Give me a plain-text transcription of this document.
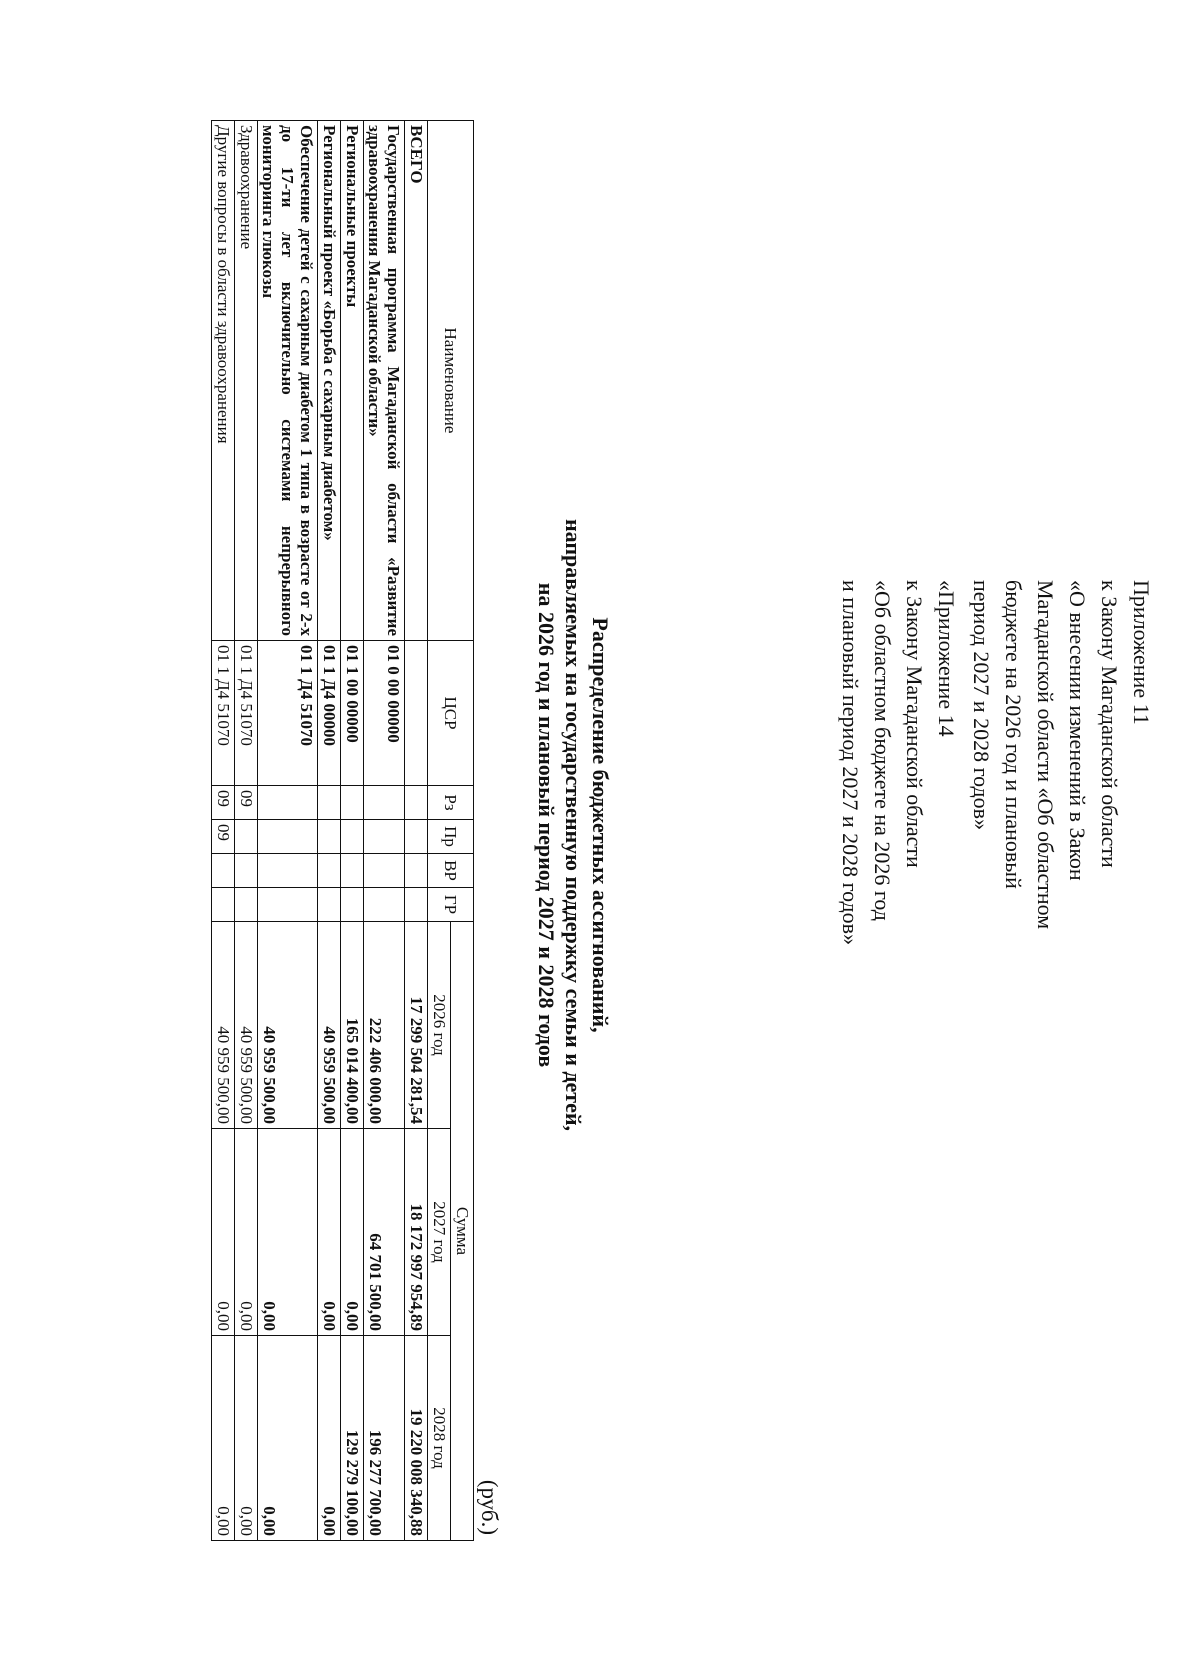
Приложение 11

к Закону Магаданской области

«О внесении изменений в Закон

Магаданской области «Об областном

бюджете на 2026 год и плановый

период 2027 и 2028 годов»

«Приложение 14

к Закону Магаданской области

«Об областном бюджете на 2026 год

и плановый период 2027 и 2028 годов»

Распределение бюджетных ассигнований,
направляемых на государственную поддержку семьи и детей,
на 2026 год и плановый период 2027 и 2028 годов
(руб.)
Наименование	ЦСР	Рз	Пр	ВР	ГР	Сумма		
						2026 год	2027 год	2028 год
ВСЕГО						17 299 504 281,54	18 172 997 954,89	19 220 008 340,88
Государственная программа Магаданской области «Развитие здравоохранения Магаданской области»	01 0 00 00000					222 406 000,00	64 701 500,00	196 277 700,00
Региональные проекты	01 1 00 00000					165 014 400,00	0,00	129 279 100,00
Региональный проект «Борьба с сахарным диабетом»	01 1 Д4 00000					40 959 500,00	0,00	0,00
Обеспечение детей с сахарным диабетом 1 типа в возрасте от 2-х до 17-ти лет включительно системами непрерывного мониторинга глюкозы	01 1 Д4 51070					40 959 500,00	0,00	0,00
Здравоохранение	01 1 Д4 51070	09				40 959 500,00	0,00	0,00
Другие вопросы в области здравоохранения	01 1 Д4 51070	09	09			40 959 500,00	0,00	0,00
